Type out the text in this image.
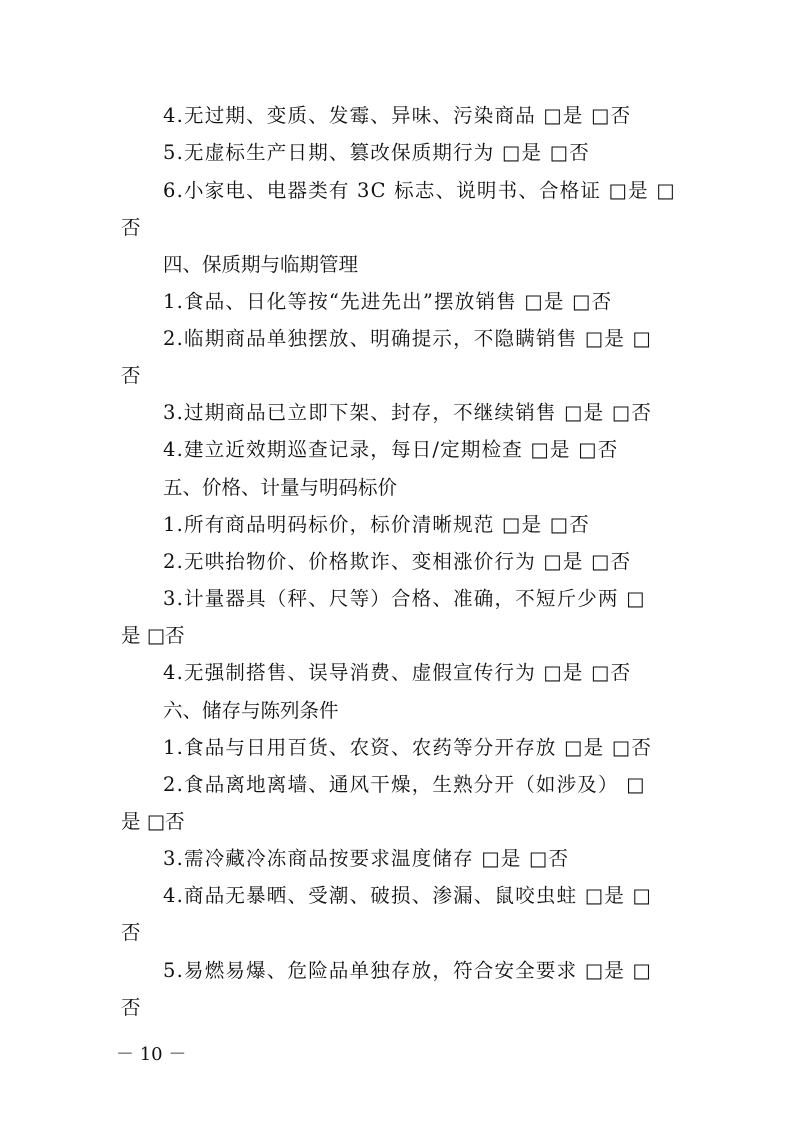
4.无过期、变质、发霉、异味、污染商品 □是 □否
5.无虚标生产日期、篡改保质期行为 □是 □否
6.小家电、电器类有 3C 标志、说明书、合格证 □是 □
否
四、保质期与临期管理
1.食品、日化等按“先进先出”摆放销售 □是 □否
2.临期商品单独摆放、明确提示，不隐瞒销售 □是 □
否
3.过期商品已立即下架、封存，不继续销售 □是 □否
4.建立近效期巡查记录，每日/定期检查 □是 □否
五、价格、计量与明码标价
1.所有商品明码标价，标价清晰规范 □是 □否
2.无哄抬物价、价格欺诈、变相涨价行为 □是 □否
3.计量器具（秤、尺等）合格、准确，不短斤少两 □
是 □否
4.无强制搭售、误导消费、虚假宣传行为 □是 □否
六、储存与陈列条件
1.食品与日用百货、农资、农药等分开存放 □是 □否
2.食品离地离墙、通风干燥，生熟分开（如涉及） □
是 □否
3.需冷藏冷冻商品按要求温度储存 □是 □否
4.商品无暴晒、受潮、破损、渗漏、鼠咬虫蛀 □是 □
否
5.易燃易爆、危险品单独存放，符合安全要求 □是 □
否
－ 10 －
